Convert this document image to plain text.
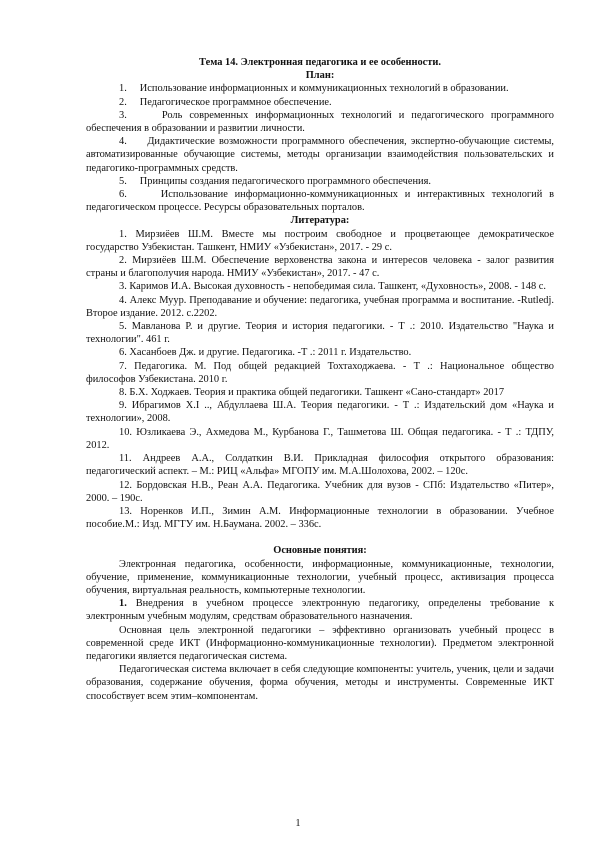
Тема 14. Электронная педагогика и ее особенности.

План:

1. Использование информационных и коммуникационных технологий в образовании.

2. Педагогическое программное обеспечение.

3.	Роль современных информационных технологий и педагогического программного обеспечения в образовании и развитии личности.

4. Дидактические возможности программного обеспечения, экспертно-обучающие системы, автоматизированные обучающие системы, методы организации взаимодействия пользовательских и педагогико-программных средств.

5. Принципы создания педагогического программного обеспечения.

6.	Использование информационно-коммуникационных и интерактивных технологий в педагогическом процессе. Ресурсы образовательных порталов.

Литература:

1. Мирзиёев Ш.М. Вместе мы построим свободное и процветающее демократическое государство Узбекистан. Ташкент, НМИУ «Узбекистан», 2017. - 29 с.

2. Мирзиёев Ш.М. Обеспечение верховенства закона и интересов человека - залог развития страны и благополучия народа. НМИУ «Узбекистан», 2017. - 47 с.

3. Каримов И.А. Высокая духовность - непобедимая сила. Ташкент, «Духовность», 2008. - 148 с.

4. Алекс Муур. Преподавание и обучение: педагогика, учебная программа и воспитание. -Rutledj. Второе издание. 2012. с.2202.

5. Мавланова Р. и другие. Теория и история педагогики. - Т .: 2010. Издательство "Наука и технологии". 461 г.

6. Хасанбоев Дж. и другие. Педагогика. -Т .: 2011 г. Издательство.

7. Педагогика. М. Под общей редакцией Тохтаходжаева. - Т .: Национальное общество философов Узбекистана. 2010 г.

8. Б.Х. Ходжаев. Теория и практика общей педагогики. Ташкент «Сано-стандарт» 2017

9. Ибрагимов Х.І .., Абдуллаева Ш.А. Теория педагогики. - Т .: Издательский дом «Наука и технологии», 2008.

10. Юзликаева Э., Ахмедова М., Курбанова Г., Ташметова Ш. Общая педагогика. - Т .: ТДПУ, 2012.

11. Андреев А.А., Солдаткин В.И. Прикладная философия открытого образования: педагогический аспект. – М.: РИЦ «Альфа» МГОПУ им. М.А.Шолохова, 2002. – 120с.

12. Бордовская Н.В., Реан А.А. Педагогика. Учебник для вузов - СПб: Издательство «Питер», 2000. – 190с.

13. Норенков И.П., Зимин А.М. Информационные технологии в образовании. Учебное пособие.М.: Изд. МГТУ им. Н.Баумана. 2002. – 336с.

Основные понятия:

Электронная педагогика, особенности, информационные, коммуникационные, технологии, обучение, применение, коммуникационные технологии, учебный процесс, активизация процесса обучения, виртуальная реальность, компьютерные технологии.

1. Внедрения в учебном процессе электронную педагогику, определены требование к электронным учебным модулям, средствам образовательного назначения.

Основная цель электронной педагогики – эффективно организовать учебный процесс в современной среде ИКТ (Информационно-коммуникационные технологии). Предметом электронной педагогики является педагогическая система.

Педагогическая система включает в себя следующие компоненты: учитель, ученик, цели и задачи образования, содержание обучения, форма обучения, методы и инструменты. Современные ИКТ способствует всем этим–компонентам.

1
